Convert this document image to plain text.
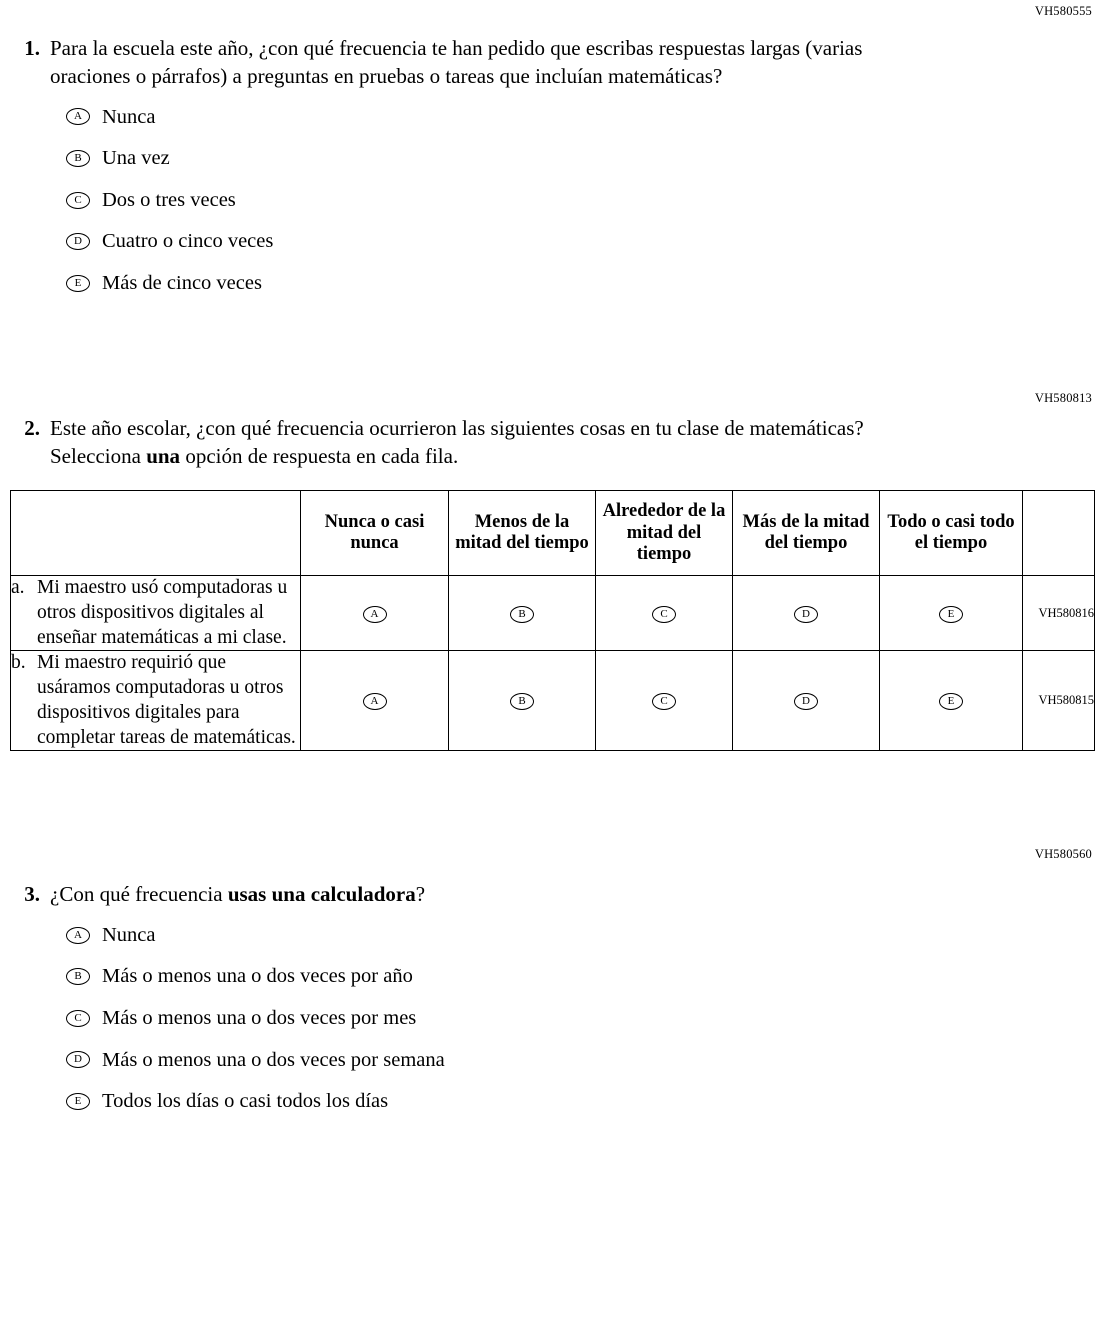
VH580555
1. Para la escuela este año, ¿con qué frecuencia te han pedido que escribas respuestas largas (varias oraciones o párrafos) a preguntas en pruebas o tareas que incluían matemáticas?
A Nunca
B Una vez
C Dos o tres veces
D Cuatro o cinco veces
E	Más de cinco veces
VH580813
2. Este año escolar, ¿con qué frecuencia ocurrieron las siguientes cosas en tu clase de matemáticas? Selecciona una opción de respuesta en cada fila.
	Nunca o casi nunca	Menos de la mitad del tiempo	Alrededor de la mitad del tiempo	Más de la mitad del tiempo	Todo o casi todo el tiempo	

a. Mi maestro usó computadoras u otros dispositivos digitales al enseñar matemáticas a mi clase.	A	B	C	D	E	VH580816

b. Mi maestro requirió que usáramos computadoras u otros dispositivos digitales para completar tareas de matemáticas.	A	B	C	D	E	VH580815
VH580560
3. ¿Con qué frecuencia usas una calculadora?
A Nunca
B Más o menos una o dos veces por año
C Más o menos una o dos veces por mes
D Más o menos una o dos veces por semana
E	Todos los días o casi todos los días
